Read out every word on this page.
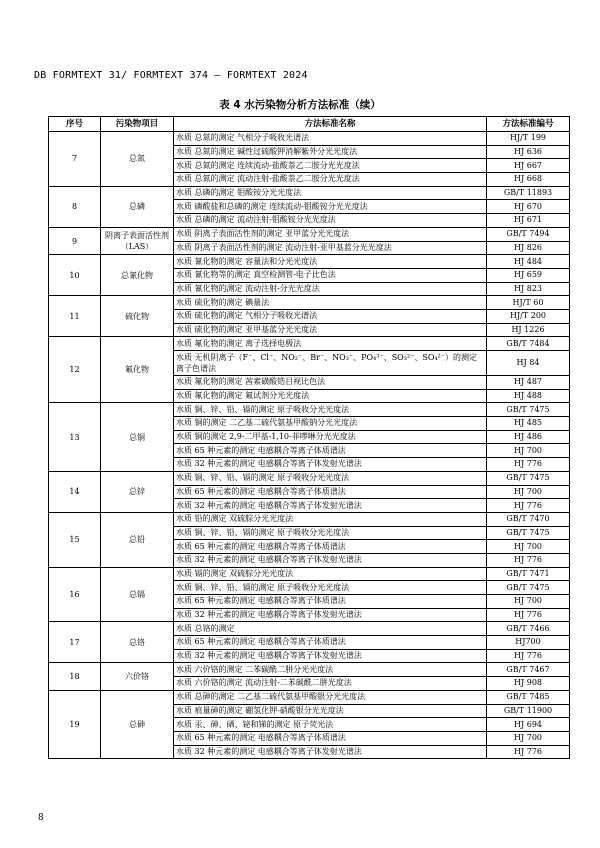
DB FORMTEXT 31/ FORMTEXT 374 — FORMTEXT 2024
表 4 水污染物分析方法标准（续）
序号	污染物项目	方法标准名称	方法标准编号
7	总氮	水质 总氮的测定 气相分子吸收光谱法	HJ/T 199
		水质 总氮的测定 碱性过硫酸钾消解紫外分光光度法	HJ 636
		水质 总氮的测定 连续流动-盐酸萘乙二胺分光光度法	HJ 667
		水质 总氮的测定 流动注射-盐酸萘乙二胺分光光度法	HJ 668
8	总磷	水质 总磷的测定 钼酸铵分光光度法	GB/T 11893
		水质 磷酸盐和总磷的测定 连续流动-钼酸铵分光光度法	HJ 670
		水质 总磷的测定 流动注射-钼酸铵分光光度法	HJ 671
9	阴离子表面活性剂（LAS）	水质 阴离子表面活性剂的测定 亚甲蓝分光光度法	GB/T 7494
		水质 阴离子表面活性剂的测定 流动注射-亚甲基蓝分光光度法	HJ 826
10	总氰化物	水质 氰化物的测定 容量法和分光光度法	HJ 484
		水质 氰化物等的测定 真空检测管-电子比色法	HJ 659
		水质 氰化物的测定 流动注射-分光光度法	HJ 823
11	硫化物	水质 硫化物的测定 碘量法	HJ/T 60
		水质 硫化物的测定 气相分子吸收光谱法	HJ/T 200
		水质 硫化物的测定 亚甲基蓝分光光度法	HJ 1226
12	氟化物	水质 氟化物的测定 离子选择电极法	GB/T 7484
		水质 无机阴离子（F⁻、Cl⁻、NO₂⁻、Br⁻、NO₃⁻、PO₄³⁻、SO₃²⁻、SO₄²⁻）的测定 离子色谱法	HJ 84
		水质 氟化物的测定 茜素磺酸锆目视比色法	HJ 487
		水质 氟化物的测定 氟试剂分光光度法	HJ 488
13	总铜	水质 铜、锌、铅、镉的测定 原子吸收分光光度法	GB/T 7475
		水质 铜的测定 二乙基二硫代氨基甲酸钠分光光度法	HJ 485
		水质 铜的测定 2,9-二甲基-1,10-菲啰啉分光光度法	HJ 486
		水质 65 种元素的测定 电感耦合等离子体质谱法	HJ 700
		水质 32 种元素的测定 电感耦合等离子体发射光谱法	HJ 776
14	总锌	水质 铜、锌、铅、镉的测定 原子吸收分光光度法	GB/T 7475
		水质 65 种元素的测定 电感耦合等离子体质谱法	HJ 700
		水质 32 种元素的测定 电感耦合等离子体发射光谱法	HJ 776
15	总铅	水质 铅的测定 双硫腙分光光度法	GB/T 7470
		水质 铜、锌、铅、镉的测定 原子吸收分光光度法	GB/T 7475
		水质 65 种元素的测定 电感耦合等离子体质谱法	HJ 700
		水质 32 种元素的测定 电感耦合等离子体发射光谱法	HJ 776
16	总镉	水质 镉的测定 双硫腙分光光度法	GB/T 7471
		水质 铜、锌、铅、镉的测定 原子吸收分光光度法	GB/T 7475
		水质 65 种元素的测定 电感耦合等离子体质谱法	HJ 700
		水质 32 种元素的测定 电感耦合等离子体发射光谱法	HJ 776
17	总铬	水质 总铬的测定	GB/T 7466
		水质 65 种元素的测定 电感耦合等离子体质谱法	HJ700
		水质 32 种元素的测定 电感耦合等离子体发射光谱法	HJ 776
18	六价铬	水质 六价铬的测定 二苯碳酰二肼分光光度法	GB/T 7467
		水质 六价铬的测定 流动注射-二苯碳酰二肼光度法	HJ 908
19	总砷	水质 总砷的测定 二乙基二硫代氨基甲酸银分光光度法	GB/T 7485
		水质 痕量砷的测定 硼氢化钾-硝酸银分光光度法	GB/T 11900
		水质 汞、砷、硒、铋和锑的测定 原子荧光法	HJ 694
		水质 65 种元素的测定 电感耦合等离子体质谱法	HJ 700
		水质 32 种元素的测定 电感耦合等离子体发射光谱法	HJ 776
8
